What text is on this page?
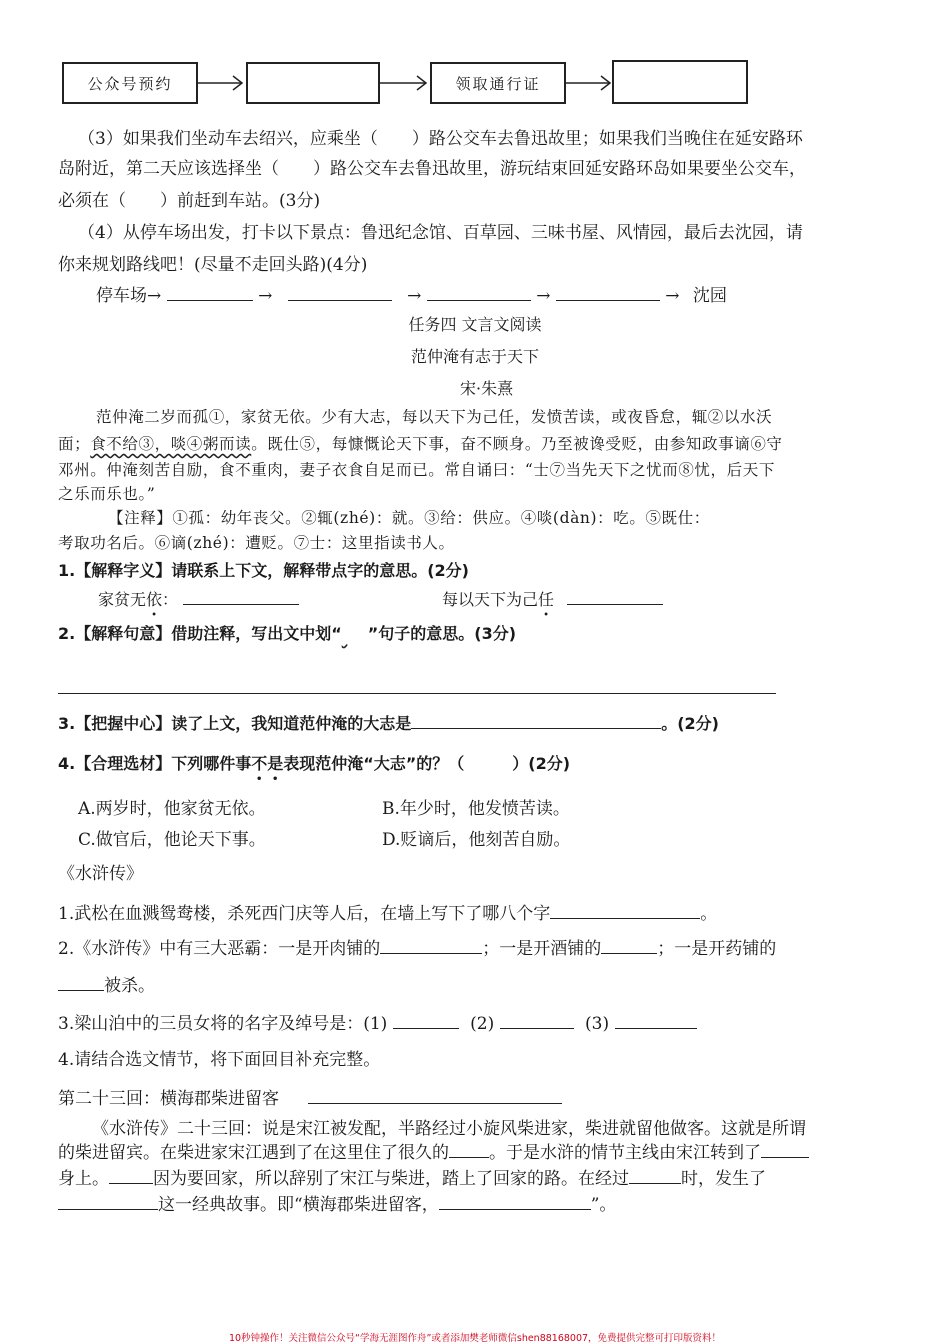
公众号预约	领取通行证
（3）如果我们坐动车去绍兴，应乘坐（　　）路公交车去鲁迅故里；如果我们当晚住在延安路环
岛附近，第二天应该选择坐（　　）路公交车去鲁迅故里，游玩结束回延安路环岛如果要坐公交车，
必须在（　　）前赶到车站。(3分)
（4）从停车场出发，打卡以下景点：鲁迅纪念馆、百草园、三味书屋、风情园，最后去沈园，请
你来规划路线吧！(尽量不走回头路)(4分)
停车场→	→	→	→	→ 沈园
任务四 文言文阅读
范仲淹有志于天下
宋·朱熹
范仲淹二岁而孤①，家贫无依。少有大志，每以天下为己任，发愤苦读，或夜昏怠，辄②以水沃
面；食不给③，啖④粥而读。既仕⑤，每慷慨论天下事，奋不顾身。乃至被谗受贬，由参知政事谪⑥守
邓州。仲淹刻苦自励，食不重肉，妻子衣食自足而已。常自诵曰：“士⑦当先天下之忧而⑧忧，后天下
之乐而乐也。”
【注释】①孤：幼年丧父。②辄(zhé)：就。③给：供应。④啖(dàn)：吃。⑤既仕：
考取功名后。⑥谪(zhé)：遭贬。⑦士：这里指读书人。
1.【解释字义】请联系上下文，解释带点字的意思。(2分)
家贫无依：	每以天下为己任
2.【解释句意】借助注释，写出文中划“ ”句子的意思。(3分)
3.【把握中心】读了上文，我知道范仲淹的大志是	。(2分)
4.【合理选材】下列哪件事不是表现范仲淹“大志”的？（　　　）(2分)
A.两岁时，他家贫无依。	B.年少时，他发愤苦读。
C.做官后，他论天下事。	D.贬谪后，他刻苦自励。
《水浒传》
1.武松在血溅鸳鸯楼，杀死西门庆等人后，在墙上写下了哪八个字	。
2.《水浒传》中有三大恶霸：一是开肉铺的	；一是开酒铺的	；一是开药铺的
被杀。
3.梁山泊中的三员女将的名字及绰号是：(1)	(2)	(3)
4.请结合选文情节，将下面回目补充完整。
第二十三回：横海郡柴进留客
《水浒传》二十三回：说是宋江被发配，半路经过小旋风柴进家，柴进就留他做客。这就是所谓
的柴进留宾。在柴进家宋江遇到了在这里住了很久的 。于是水浒的情节主线由宋江转到了
身上。	因为要回家，所以辞别了宋江与柴进，踏上了回家的路。在经过	时，发生了
这一经典故事。即“横海郡柴进留客，	”。
10秒钟操作！关注微信公众号“学海无涯图作舟”或者添加樊老师微信shen88168007，免费提供完整可打印版资料！
